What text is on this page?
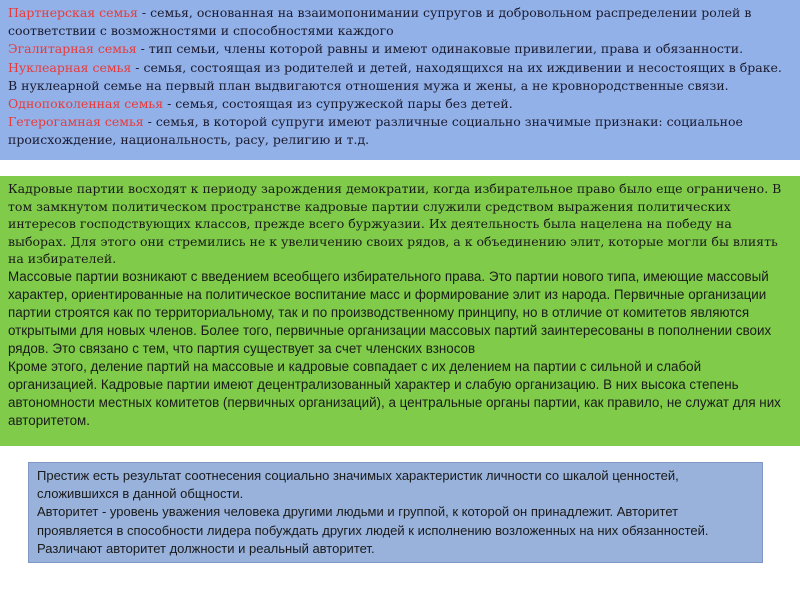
Партнерская семья - семья, основанная на взаимопонимании супругов и добровольном распределении ролей в соответствии с возможностями и способностями каждого

Эгалитарная семья - тип семьи, члены которой равны и имеют одинаковые привилегии, права и обязанности.

Нуклеарная семья - семья, состоящая из родителей и детей, находящихся на их иждивении и несостоящих в браке. В нуклеарной семье на первый план выдвигаются отношения мужа и жены, а не кровнородственные связи.

Однопоколенная семья - семья, состоящая из супружеской пары без детей.

Гетерогамная семья - семья, в которой супруги имеют различные социально значимые признаки: социальное происхождение, национальность, расу, религию и т.д.

Кадровые партии восходят к периоду зарождения демократии, когда избирательное право было еще ограничено. В том замкнутом политическом пространстве кадровые партии служили средством выражения политических интересов господствующих классов, прежде всего буржуазии. Их деятельность была нацелена на победу на выборах. Для этого они стремились не к увеличению своих рядов, а к объединению элит, которые могли бы влиять на избирателей.

Массовые партии возникают с введением всеобщего избирательного права. Это партии нового типа, имеющие массовый характер, ориентированные на политическое воспитание масс и формирование элит из народа. Первичные организации партии строятся как по территориальному, так и по производственному принципу, но в отличие от комитетов являются открытыми для новых членов. Более того, первичные организации массовых партий заинтересованы в пополнении своих рядов. Это связано с тем, что партия существует за счет членских взносов

Кроме этого, деление партий на массовые и кадровые совпадает с их делением на партии с сильной и слабой организацией. Кадровые партии имеют децентрализованный характер и слабую организацию. В них высока степень автономности местных комитетов (первичных организаций), а центральные органы партии, как правило, не служат для них авторитетом.

Престиж есть результат соотнесения социально значимых характеристик личности со шкалой ценностей, сложившихся в данной общности.

Авторитет - уровень уважения человека другими людьми и группой, к которой он принадлежит. Авторитет проявляется в способности лидера побуждать других людей к исполнению возложенных на них обязанностей. Различают авторитет должности и реальный авторитет.
